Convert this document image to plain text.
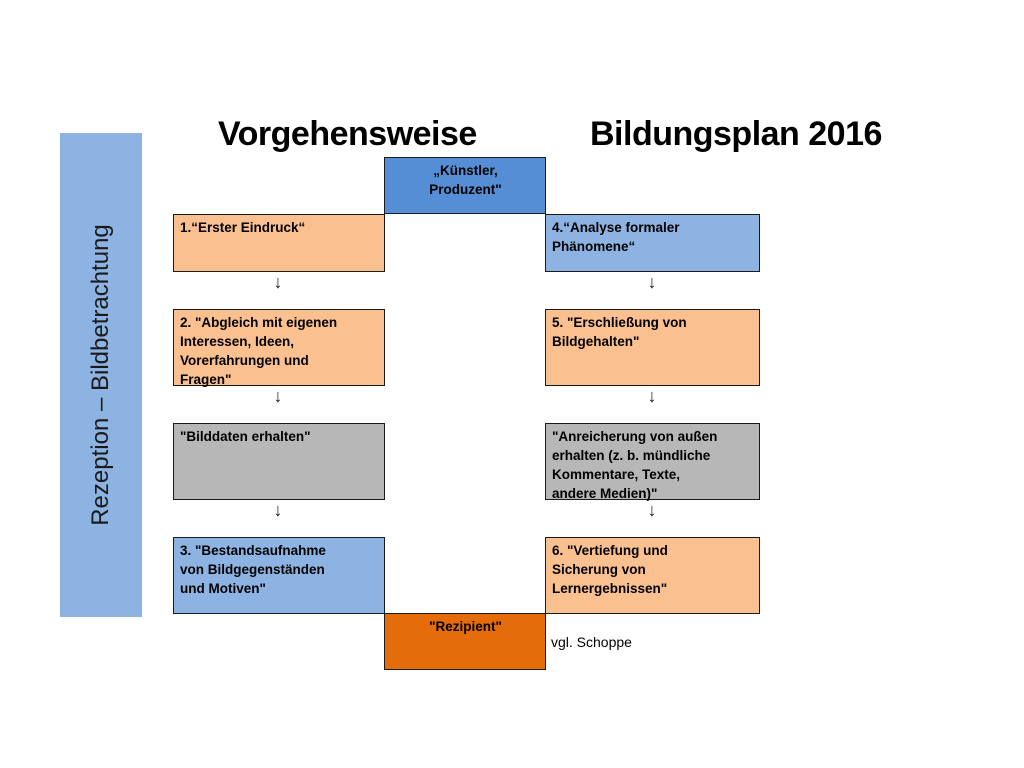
Rezeption – Bildbetrachtung
Vorgehensweise	Bildungsplan 2016
„Künstler,
Produzent"
1.“Erster Eindruck“	4.“Analyse formaler
Phänomene“
↓	↓
2. "Abgleich mit eigenen
Interessen, Ideen,
Vorerfahrungen und
Fragen"
5. "Erschließung von
Bildgehalten"
↓	↓
"Bilddaten erhalten"	"Anreicherung von außen
erhalten (z. b. mündliche
Kommentare, Texte,
andere Medien)"
↓	↓
3. "Bestandsaufnahme
von Bildgegenständen
und Motiven"
6. "Vertiefung und
Sicherung von
Lernergebnissen"
"Rezipient"
vgl. Schoppe
